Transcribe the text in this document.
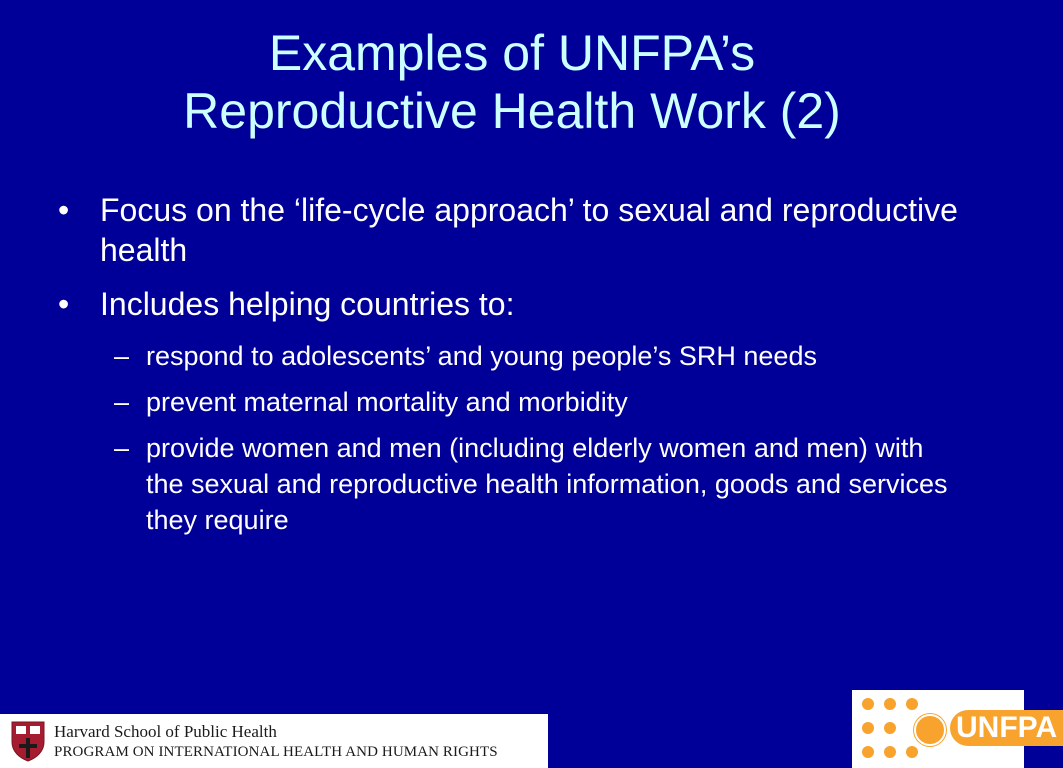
Examples of UNFPA’s
Reproductive Health Work (2)
• Focus on the ‘life-cycle approach’ to sexual and reproductive health
• Includes helping countries to:
– respond to adolescents’ and young people’s SRH needs
– prevent maternal mortality and morbidity
– provide women and men (including elderly women and men) with the sexual and reproductive health information, goods and services they require
Harvard School of Public Health
PROGRAM ON INTERNATIONAL HEALTH AND HUMAN RIGHTS
UNFPA
